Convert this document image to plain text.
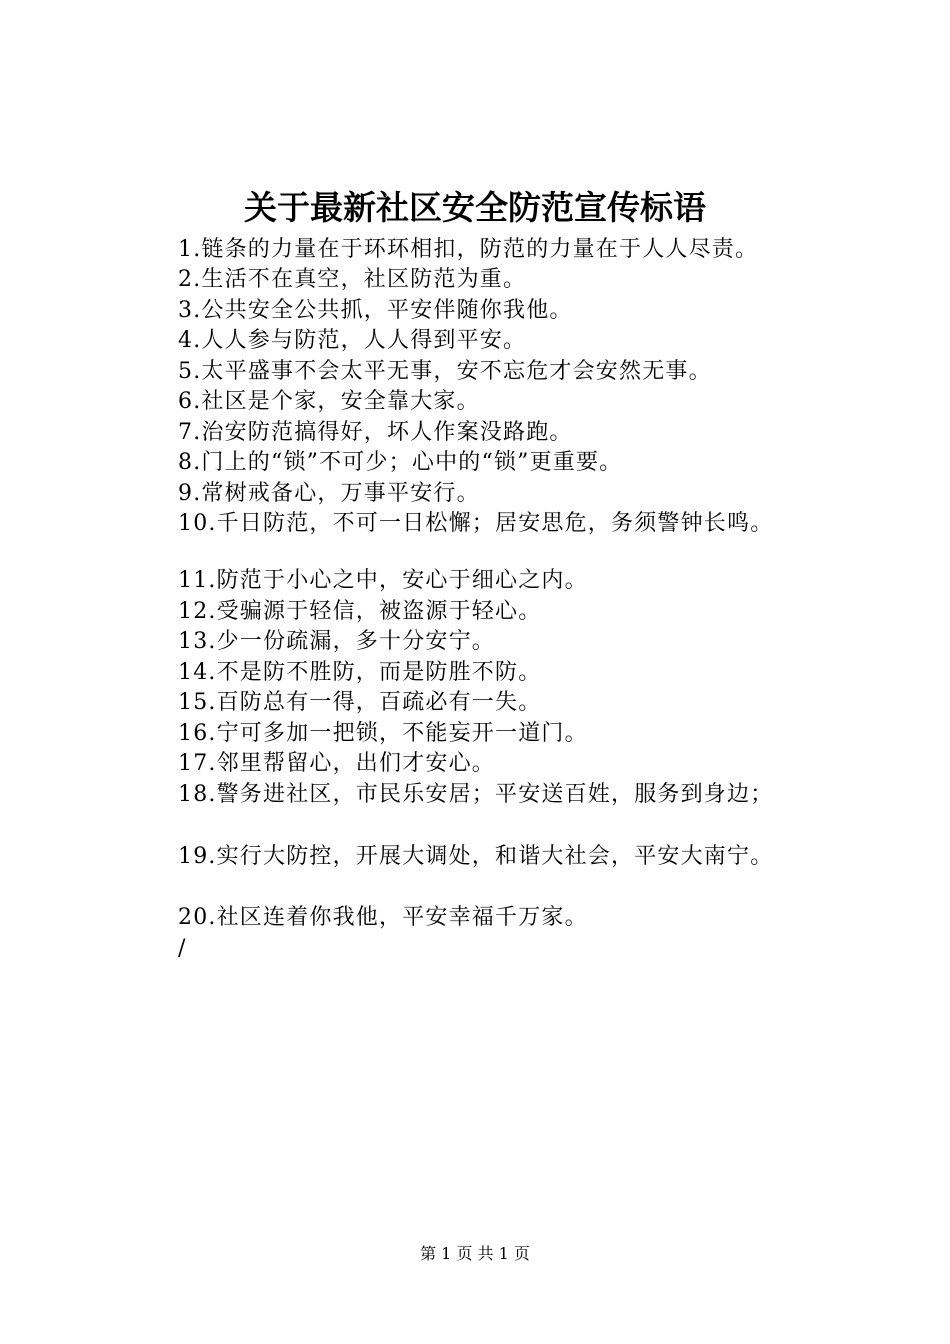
关于最新社区安全防范宣传标语
1.链条的力量在于环环相扣，防范的力量在于人人尽责。
2.生活不在真空，社区防范为重。
3.公共安全公共抓，平安伴随你我他。
4.人人参与防范，人人得到平安。
5.太平盛事不会太平无事，安不忘危才会安然无事。
6.社区是个家，安全靠大家。
7.治安防范搞得好，坏人作案没路跑。
8.门上的“锁”不可少；心中的“锁”更重要。
9.常树戒备心，万事平安行。
10.千日防范，不可一日松懈；居安思危，务须警钟长鸣。
11.防范于小心之中，安心于细心之内。
12.受骗源于轻信，被盗源于轻心。
13.少一份疏漏，多十分安宁。
14.不是防不胜防，而是防胜不防。
15.百防总有一得，百疏必有一失。
16.宁可多加一把锁，不能妄开一道门。
17.邻里帮留心，出们才安心。
18.警务进社区，市民乐安居；平安送百姓，服务到身边；
19.实行大防控，开展大调处，和谐大社会，平安大南宁。
20.社区连着你我他，平安幸福千万家。
/
第 1 页 共 1 页
